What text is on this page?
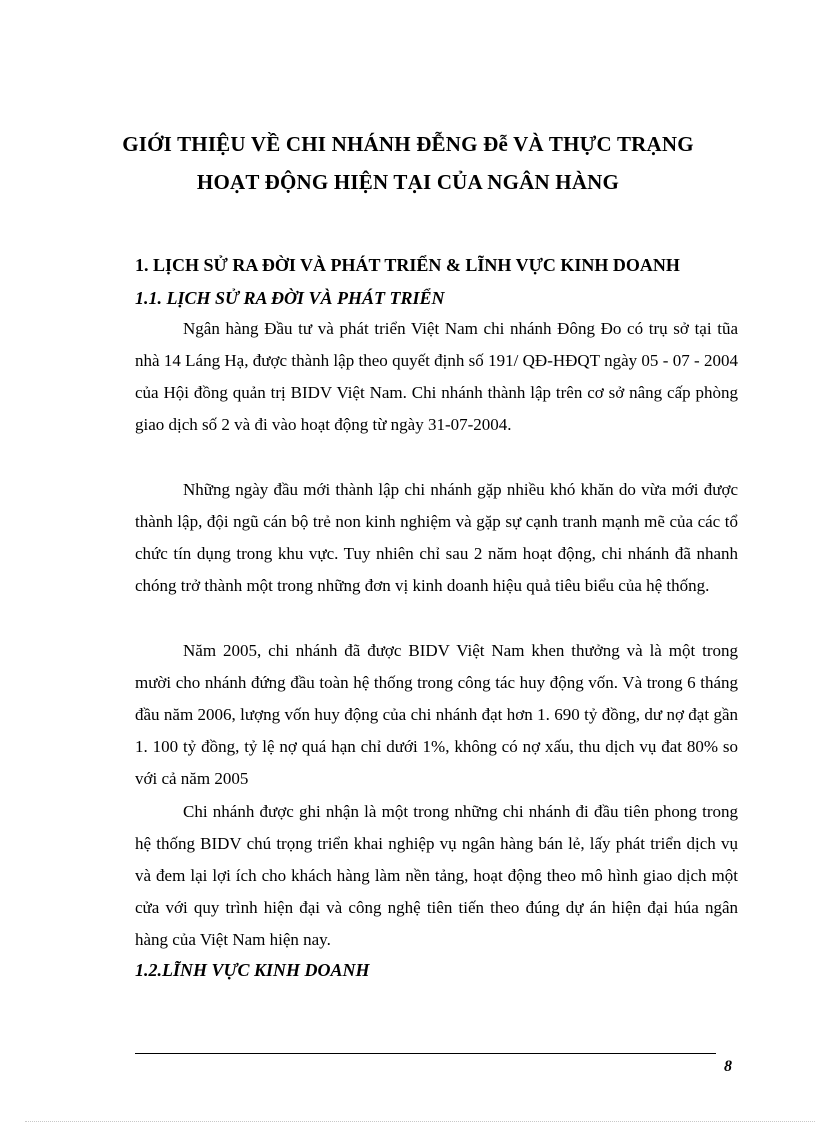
GIỚI THIỆU VỀ CHI NHÁNH ĐỄNG Đễ VÀ THỰC TRẠNG
HOẠT ĐỘNG HIỆN TẠI CỦA NGÂN HÀNG
1. LỊCH SỬ RA ĐỜI VÀ PHÁT TRIỂN & LĨNH VỰC KINH DOANH
1.1. LỊCH SỬ RA ĐỜI VÀ PHÁT TRIỂN

Ngân hàng Đầu tư và phát triển Việt Nam chi nhánh Đông Đo có trụ sở tại tũa nhà 14 Láng Hạ, được thành lập theo quyết định số 191/ QĐ-HĐQT ngày 05 - 07 - 2004 của Hội đồng quản trị BIDV Việt Nam. Chi nhánh thành lập trên cơ sở nâng cấp phòng giao dịch số 2 và đi vào hoạt động từ ngày 31-07-2004.

Những ngày đầu mới thành lập chi nhánh gặp nhiều khó khăn do vừa mới được thành lập, đội ngũ cán bộ trẻ non kinh nghiệm và gặp sự cạnh tranh mạnh mẽ của các tổ chức tín dụng trong khu vực. Tuy nhiên chỉ sau 2 năm hoạt động, chi nhánh đã nhanh chóng trở thành một trong những đơn vị kinh doanh hiệu quả tiêu biểu của hệ thống.

Năm 2005, chi nhánh đã được BIDV Việt Nam khen thưởng và là một trong mười cho nhánh đứng đầu toàn hệ thống trong công tác huy động vốn. Và trong 6 tháng đầu năm 2006, lượng vốn huy động của chi nhánh đạt hơn 1. 690 tỷ đồng, dư nợ đạt gần 1. 100 tỷ đồng, tỷ lệ nợ quá hạn chỉ dưới 1%, không có nợ xấu, thu dịch vụ đat 80% so với cả năm 2005

Chi nhánh được ghi nhận là một trong những chi nhánh đi đầu tiên phong trong hệ thống BIDV chú trọng triển khai nghiệp vụ ngân hàng bán lẻ, lấy phát triển dịch vụ và đem lại lợi ích cho khách hàng làm nền tảng, hoạt động theo mô hình giao dịch một cửa với quy trình hiện đại và công nghệ tiên tiến theo đúng dự án hiện đại húa ngân hàng của Việt Nam hiện nay.

1.2.LĨNH VỰC KINH DOANH
8
